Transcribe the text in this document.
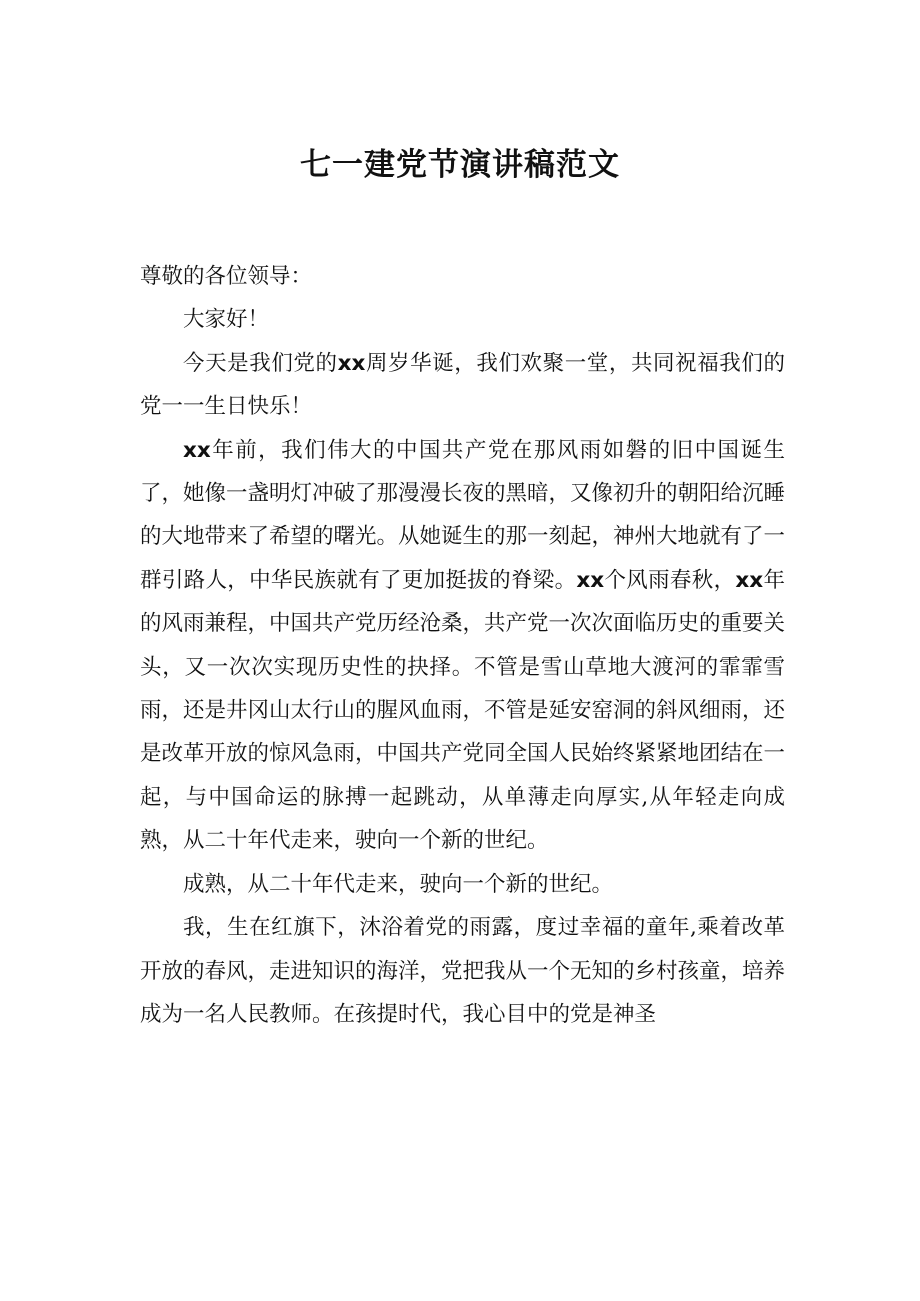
七一建党节演讲稿范文

尊敬的各位领导：

大家好！

今天是我们党的xx周岁华诞，我们欢聚一堂，共同祝福我们的党一一生日快乐！

xx年前，我们伟大的中国共产党在那风雨如磐的旧中国诞生了，她像一盏明灯冲破了那漫漫长夜的黑暗，又像初升的朝阳给沉睡的大地带来了希望的曙光。从她诞生的那一刻起，神州大地就有了一群引路人，中华民族就有了更加挺拔的脊梁。xx个风雨春秋，xx年的风雨兼程，中国共产党历经沧桑，共产党一次次面临历史的重要关头，又一次次实现历史性的抉择。不管是雪山草地大渡河的霏霏雪雨，还是井冈山太行山的腥风血雨，不管是延安窑洞的斜风细雨，还是改革开放的惊风急雨，中国共产党同全国人民始终紧紧地团结在一起，与中国命运的脉搏一起跳动，从单薄走向厚实,从年轻走向成熟，从二十年代走来，驶向一个新的世纪。

成熟，从二十年代走来，驶向一个新的世纪。

我，生在红旗下，沐浴着党的雨露，度过幸福的童年,乘着改革开放的春风，走进知识的海洋，党把我从一个无知的乡村孩童，培养成为一名人民教师。在孩提时代，我心目中的党是神圣
